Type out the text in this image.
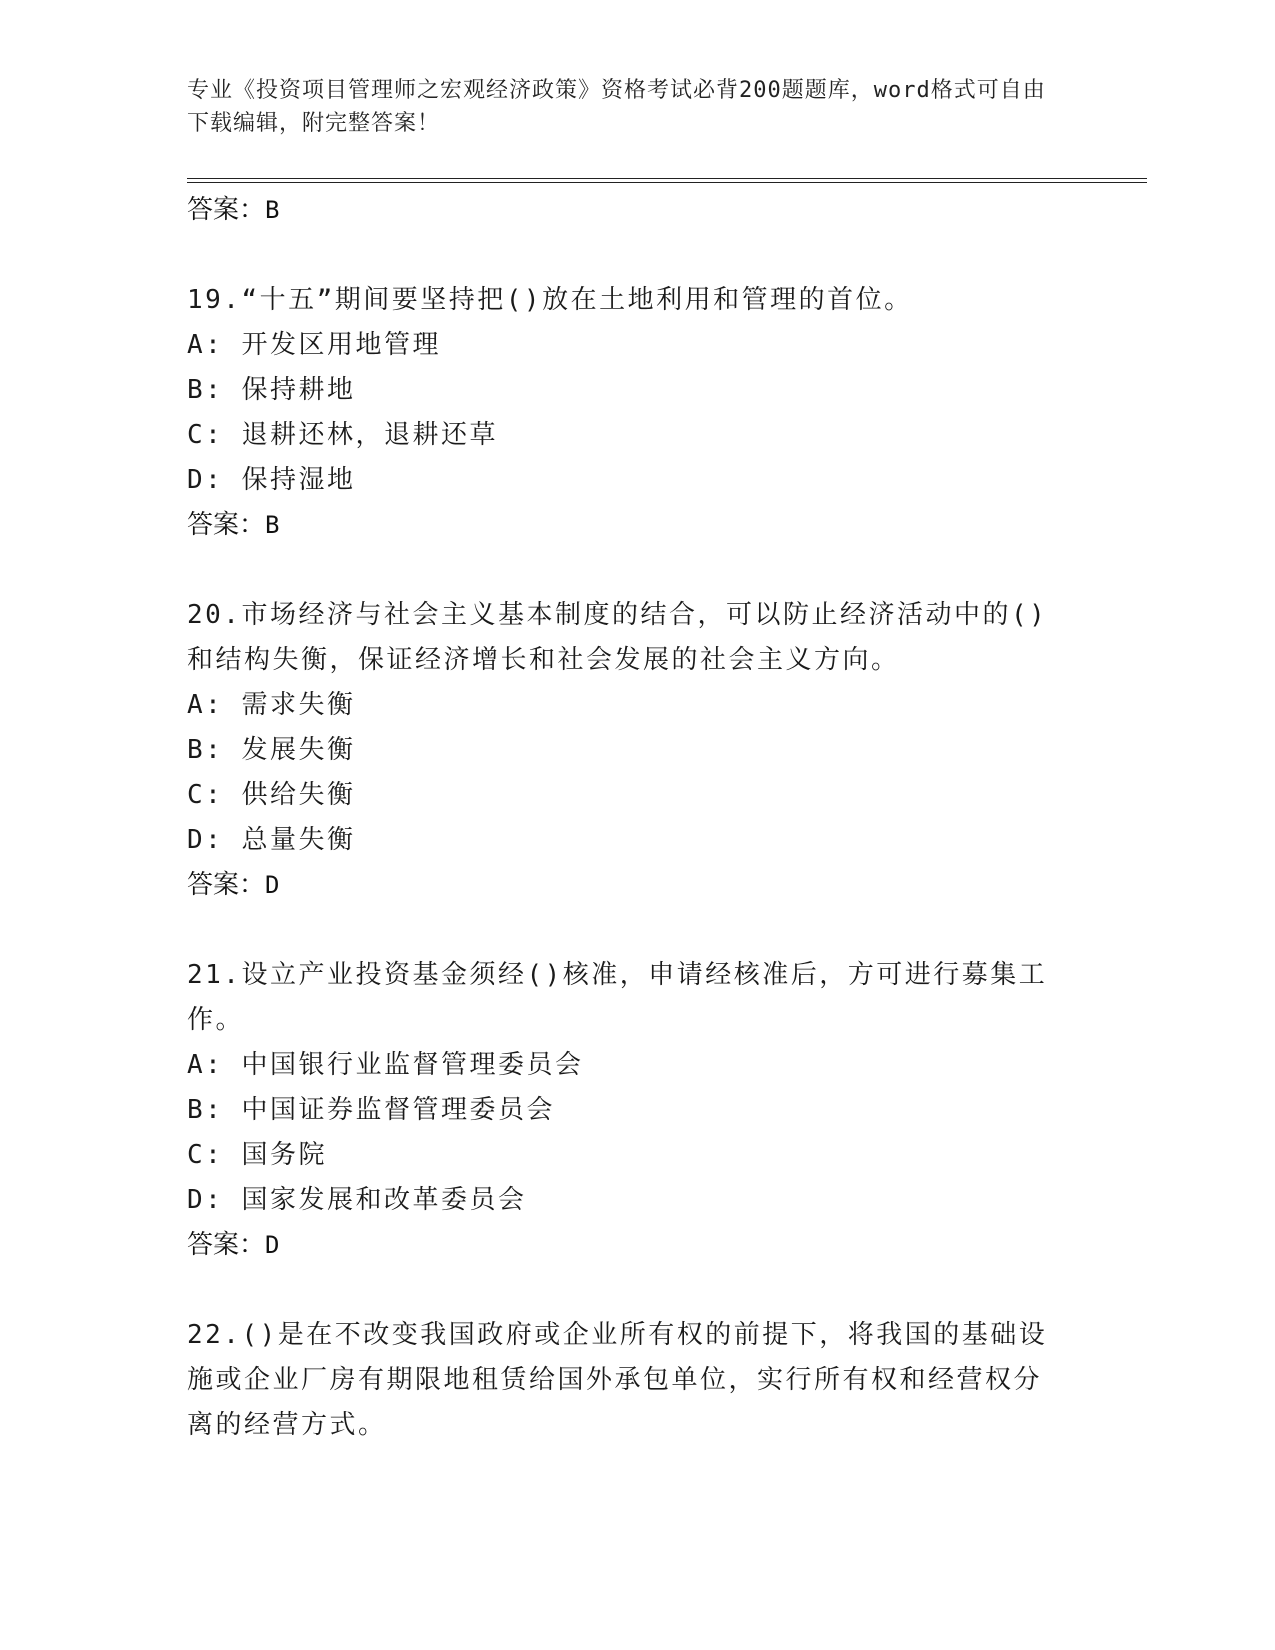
专业《投资项目管理师之宏观经济政策》资格考试必背200题题库，word格式可自由下载编辑，附完整答案！
答案：B
19.“十五”期间要坚持把()放在土地利用和管理的首位。
A: 开发区用地管理
B: 保持耕地
C: 退耕还林，退耕还草
D: 保持湿地
答案：B
20.市场经济与社会主义基本制度的结合，可以防止经济活动中的()和结构失衡，保证经济增长和社会发展的社会主义方向。
A: 需求失衡
B: 发展失衡
C: 供给失衡
D: 总量失衡
答案：D
21.设立产业投资基金须经()核准，申请经核准后，方可进行募集工作。
A: 中国银行业监督管理委员会
B: 中国证券监督管理委员会
C: 国务院
D: 国家发展和改革委员会
答案：D
22.()是在不改变我国政府或企业所有权的前提下，将我国的基础设施或企业厂房有期限地租赁给国外承包单位，实行所有权和经营权分离的经营方式。
